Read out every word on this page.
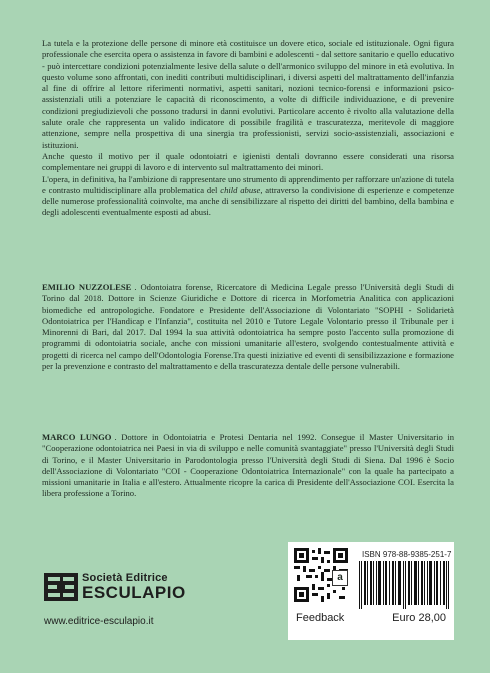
La tutela e la protezione delle persone di minore età costituisce un dovere etico, sociale ed istituzionale. Ogni figura professionale che esercita opera o assistenza in favore di bambini e adolescenti - dal settore sanitario e quello educativo - può intercettare condizioni potenzialmente lesive della salute o dell'armonico sviluppo del minore in età evolutiva. In questo volume sono affrontati, con inediti contributi multidisciplinari, i diversi aspetti del maltrattamento dell'infanzia al fine di offrire al lettore riferimenti normativi, aspetti sanitari, nozioni tecnico-forensi e informazioni psico-assistenziali utili a potenziare le capacità di riconoscimento, a volte di difficile individuazione, e di prevenire condizioni pregiudizievoli che possono tradursi in danni evolutivi. Particolare accento è rivolto alla valutazione della salute orale che rappresenta un valido indicatore di possibile fragilità e trascuratezza, meritevole di maggiore attenzione, sempre nella prospettiva di una sinergia tra professionisti, servizi socio-assistenziali, associazioni e istituzioni.

Anche questo il motivo per il quale odontoiatri e igienisti dentali dovranno essere considerati una risorsa complementare nei gruppi di lavoro e di intervento sul maltrattamento dei minori.

L'opera, in definitiva, ha l'ambizione di rappresentare uno strumento di apprendimento per rafforzare un'azione di tutela e contrasto multidisciplinare alla problematica del child abuse, attraverso la condivisione di esperienze e competenze delle numerose professionalità coinvolte, ma anche di sensibilizzare al rispetto dei diritti del bambino, della bambina e degli adolescenti eventualmente esposti ad abusi.

EMILIO NUZZOLESE . Odontoiatra forense, Ricercatore di Medicina Legale presso l'Università degli Studi di Torino dal 2018. Dottore in Scienze Giuridiche e Dottore di ricerca in Morfometria Analitica con applicazioni biomediche ed antropologiche. Fondatore e Presidente dell'Associazione di Volontariato "SOPHI - Solidarietà Odontoiatrica per l'Handicap e l'Infanzia", costituita nel 2010 e Tutore Legale Volontario presso il Tribunale per i Minorenni di Bari, dal 2017. Dal 1994 la sua attività odontoiatrica ha sempre posto l'accento sulla promozione di programmi di odontoiatria sociale, anche con missioni umanitarie all'estero, svolgendo contestualmente attività e progetti di ricerca nel campo dell'Odontologia Forense.Tra questi iniziative ed eventi di sensibilizzazione e formazione per la prevenzione e contrasto del maltrattamento e della trascuratezza dentale delle persone vulnerabili.
MARCO LUNGO . Dottore in Odontoiatria e Protesi Dentaria nel 1992. Consegue il Master Universitario in "Cooperazione odontoiatrica nei Paesi in via di sviluppo e nelle comunità svantaggiate" presso l'Università degli Studi di Torino, e il Master Universitario in Parodontologia presso l'Università degli Studi di Siena. Dal 1996 è Socio dell'Associazione di Volontariato "COI - Cooperazione Odontoiatrica Internazionale" con la quale ha partecipato a missioni umanitarie in Italia e all'estero. Attualmente ricopre la carica di Presidente dell'Associazione COI. Esercita la libera professione a Torino.
Società Editrice
ESCULAPIO
www.editrice-esculapio.it
a
ISBN 978-88-9385-251-7
Feedback	Euro 28,00
